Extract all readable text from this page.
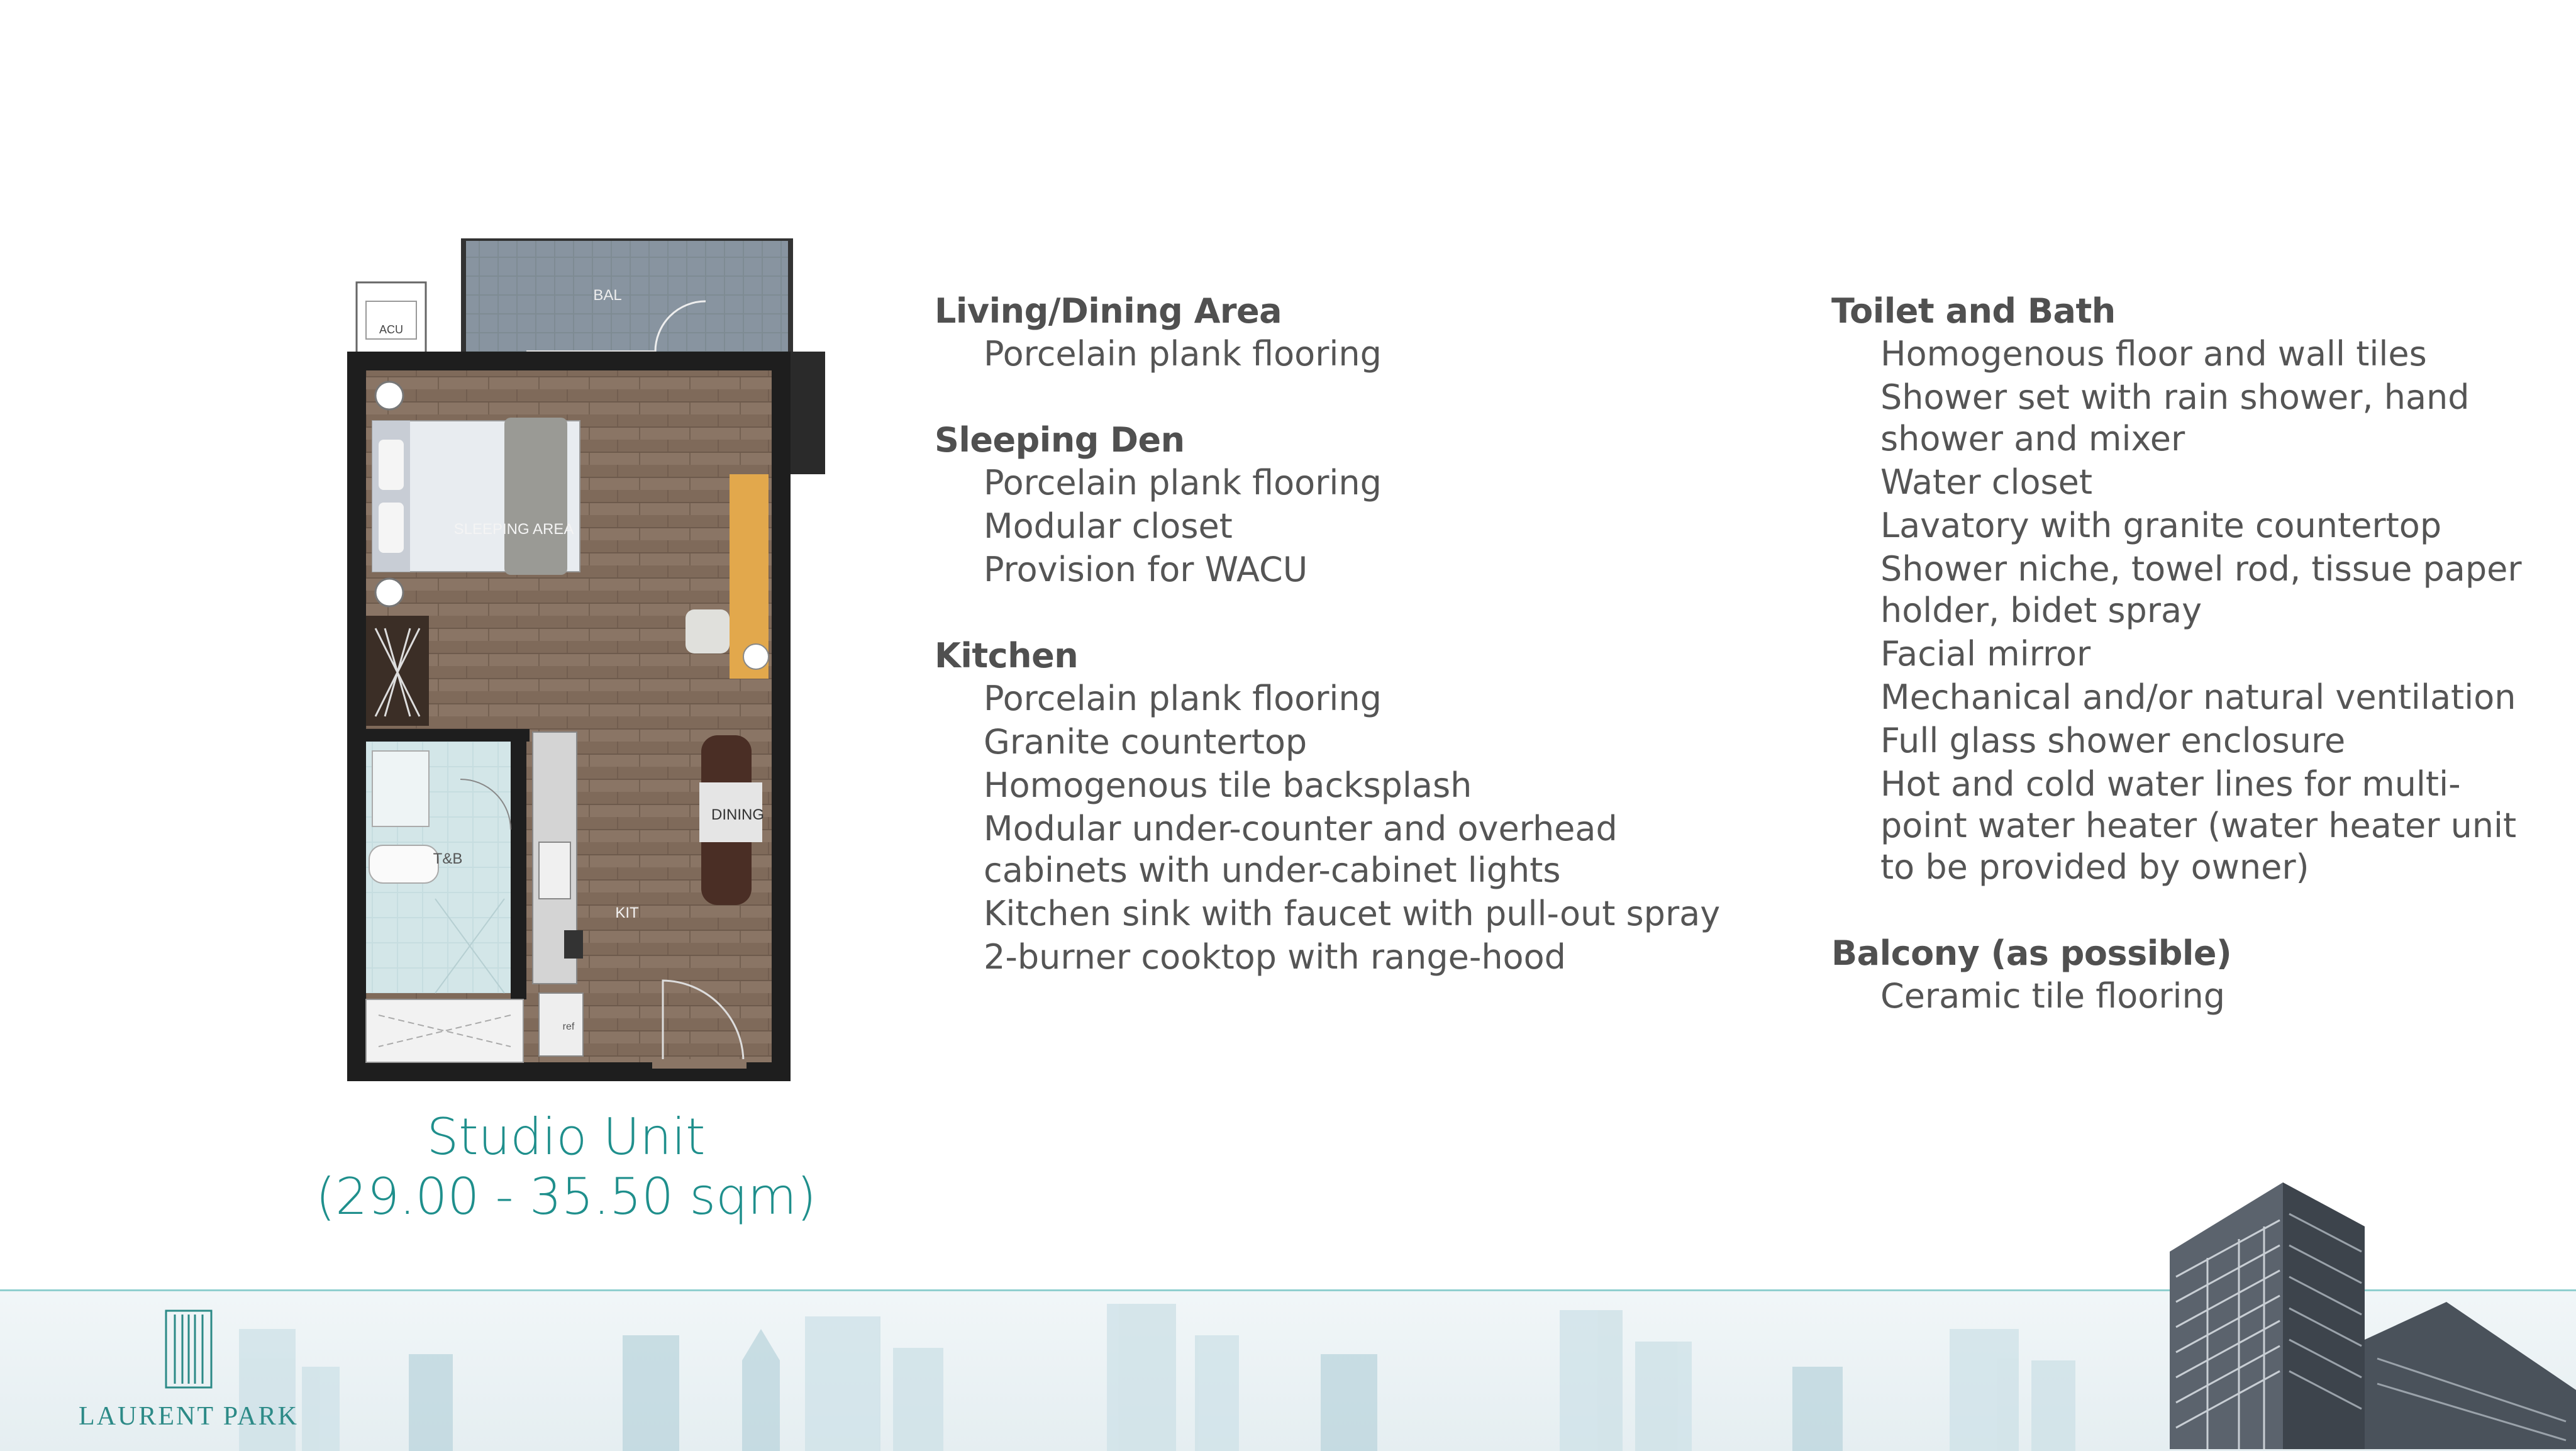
ACU
BAL
SLEEPING AREA
T&B
ref
KIT
DINING
Studio Unit
(29.00 - 35.50 sqm)
Living/Dining Area
Porcelain plank flooring
Sleeping Den
Porcelain plank flooring
Modular closet
Provision for WACU
Kitchen
Porcelain plank flooring
Granite countertop
Homogenous tile backsplash
Modular under-counter and overhead cabinets with under-cabinet lights
Kitchen sink with faucet with pull-out spray
2-burner cooktop with range-hood
Toilet and Bath
Homogenous floor and wall tiles
Shower set with rain shower, hand shower and mixer
Water closet
Lavatory with granite countertop
Shower niche, towel rod, tissue paper holder, bidet spray
Facial mirror
Mechanical and/or natural ventilation
Full glass shower enclosure
Hot and cold water lines for multi-point water heater (water heater unit to be provided by owner)
Balcony (as possible)
Ceramic tile flooring
LAURENT PARK
